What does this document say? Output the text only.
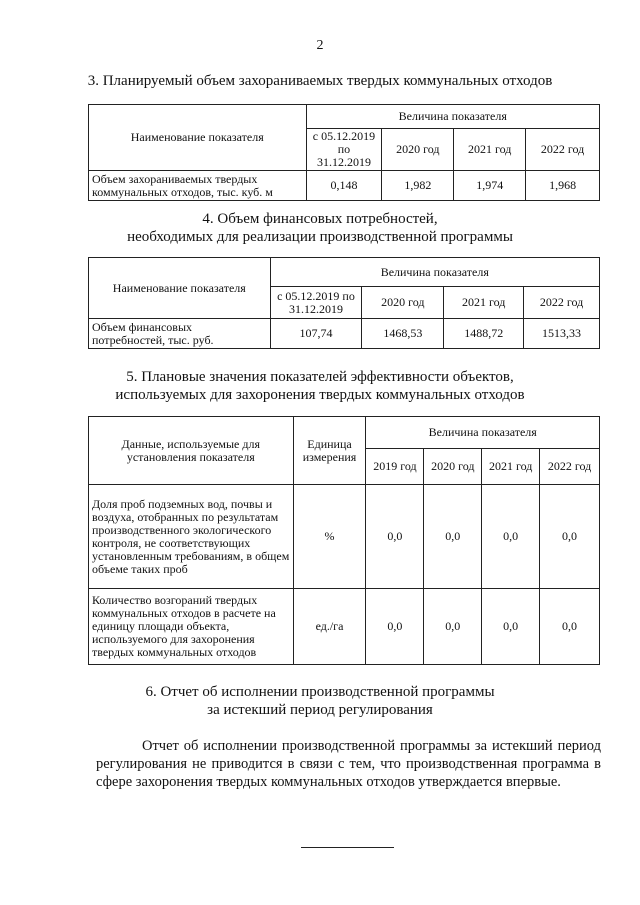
2
3. Планируемый объем захораниваемых твердых коммунальных отходов
Наименование показателя	Величина показателя			
	с 05.12.2019 по 31.12.2019	2020 год	2021 год	2022 год
Объем захораниваемых твердых коммунальных отходов, тыс. куб. м	0,148	1,982	1,974	1,968
4. Объем финансовых потребностей,
необходимых для реализации производственной программы
Наименование показателя	Величина показателя			
	с 05.12.2019 по 31.12.2019	2020 год	2021 год	2022 год
Объем финансовых потребностей, тыс. руб.	107,74	1468,53	1488,72	1513,33
5. Плановые значения показателей эффективности объектов,
используемых для захоронения твердых коммунальных отходов
Данные, используемые для установления показателя	Единица измерения	Величина показателя			
		2019 год	2020 год	2021 год	2022 год
Доля проб подземных вод, почвы и воздуха, отобранных по результатам производственного экологического контроля, не соответствующих установленным требованиям, в общем объеме таких проб	%	0,0	0,0	0,0	0,0
Количество возгораний твердых коммунальных отходов в расчете на единицу площади объекта, используемого для захоронения твердых коммунальных отходов	ед./га	0,0	0,0	0,0	0,0
6. Отчет об исполнении производственной программы
за истекший период регулирования
Отчет об исполнении производственной программы за истекший период регулирования не приводится в связи с тем, что производственная программа в сфере захоронения твердых коммунальных отходов утверждается впервые.
